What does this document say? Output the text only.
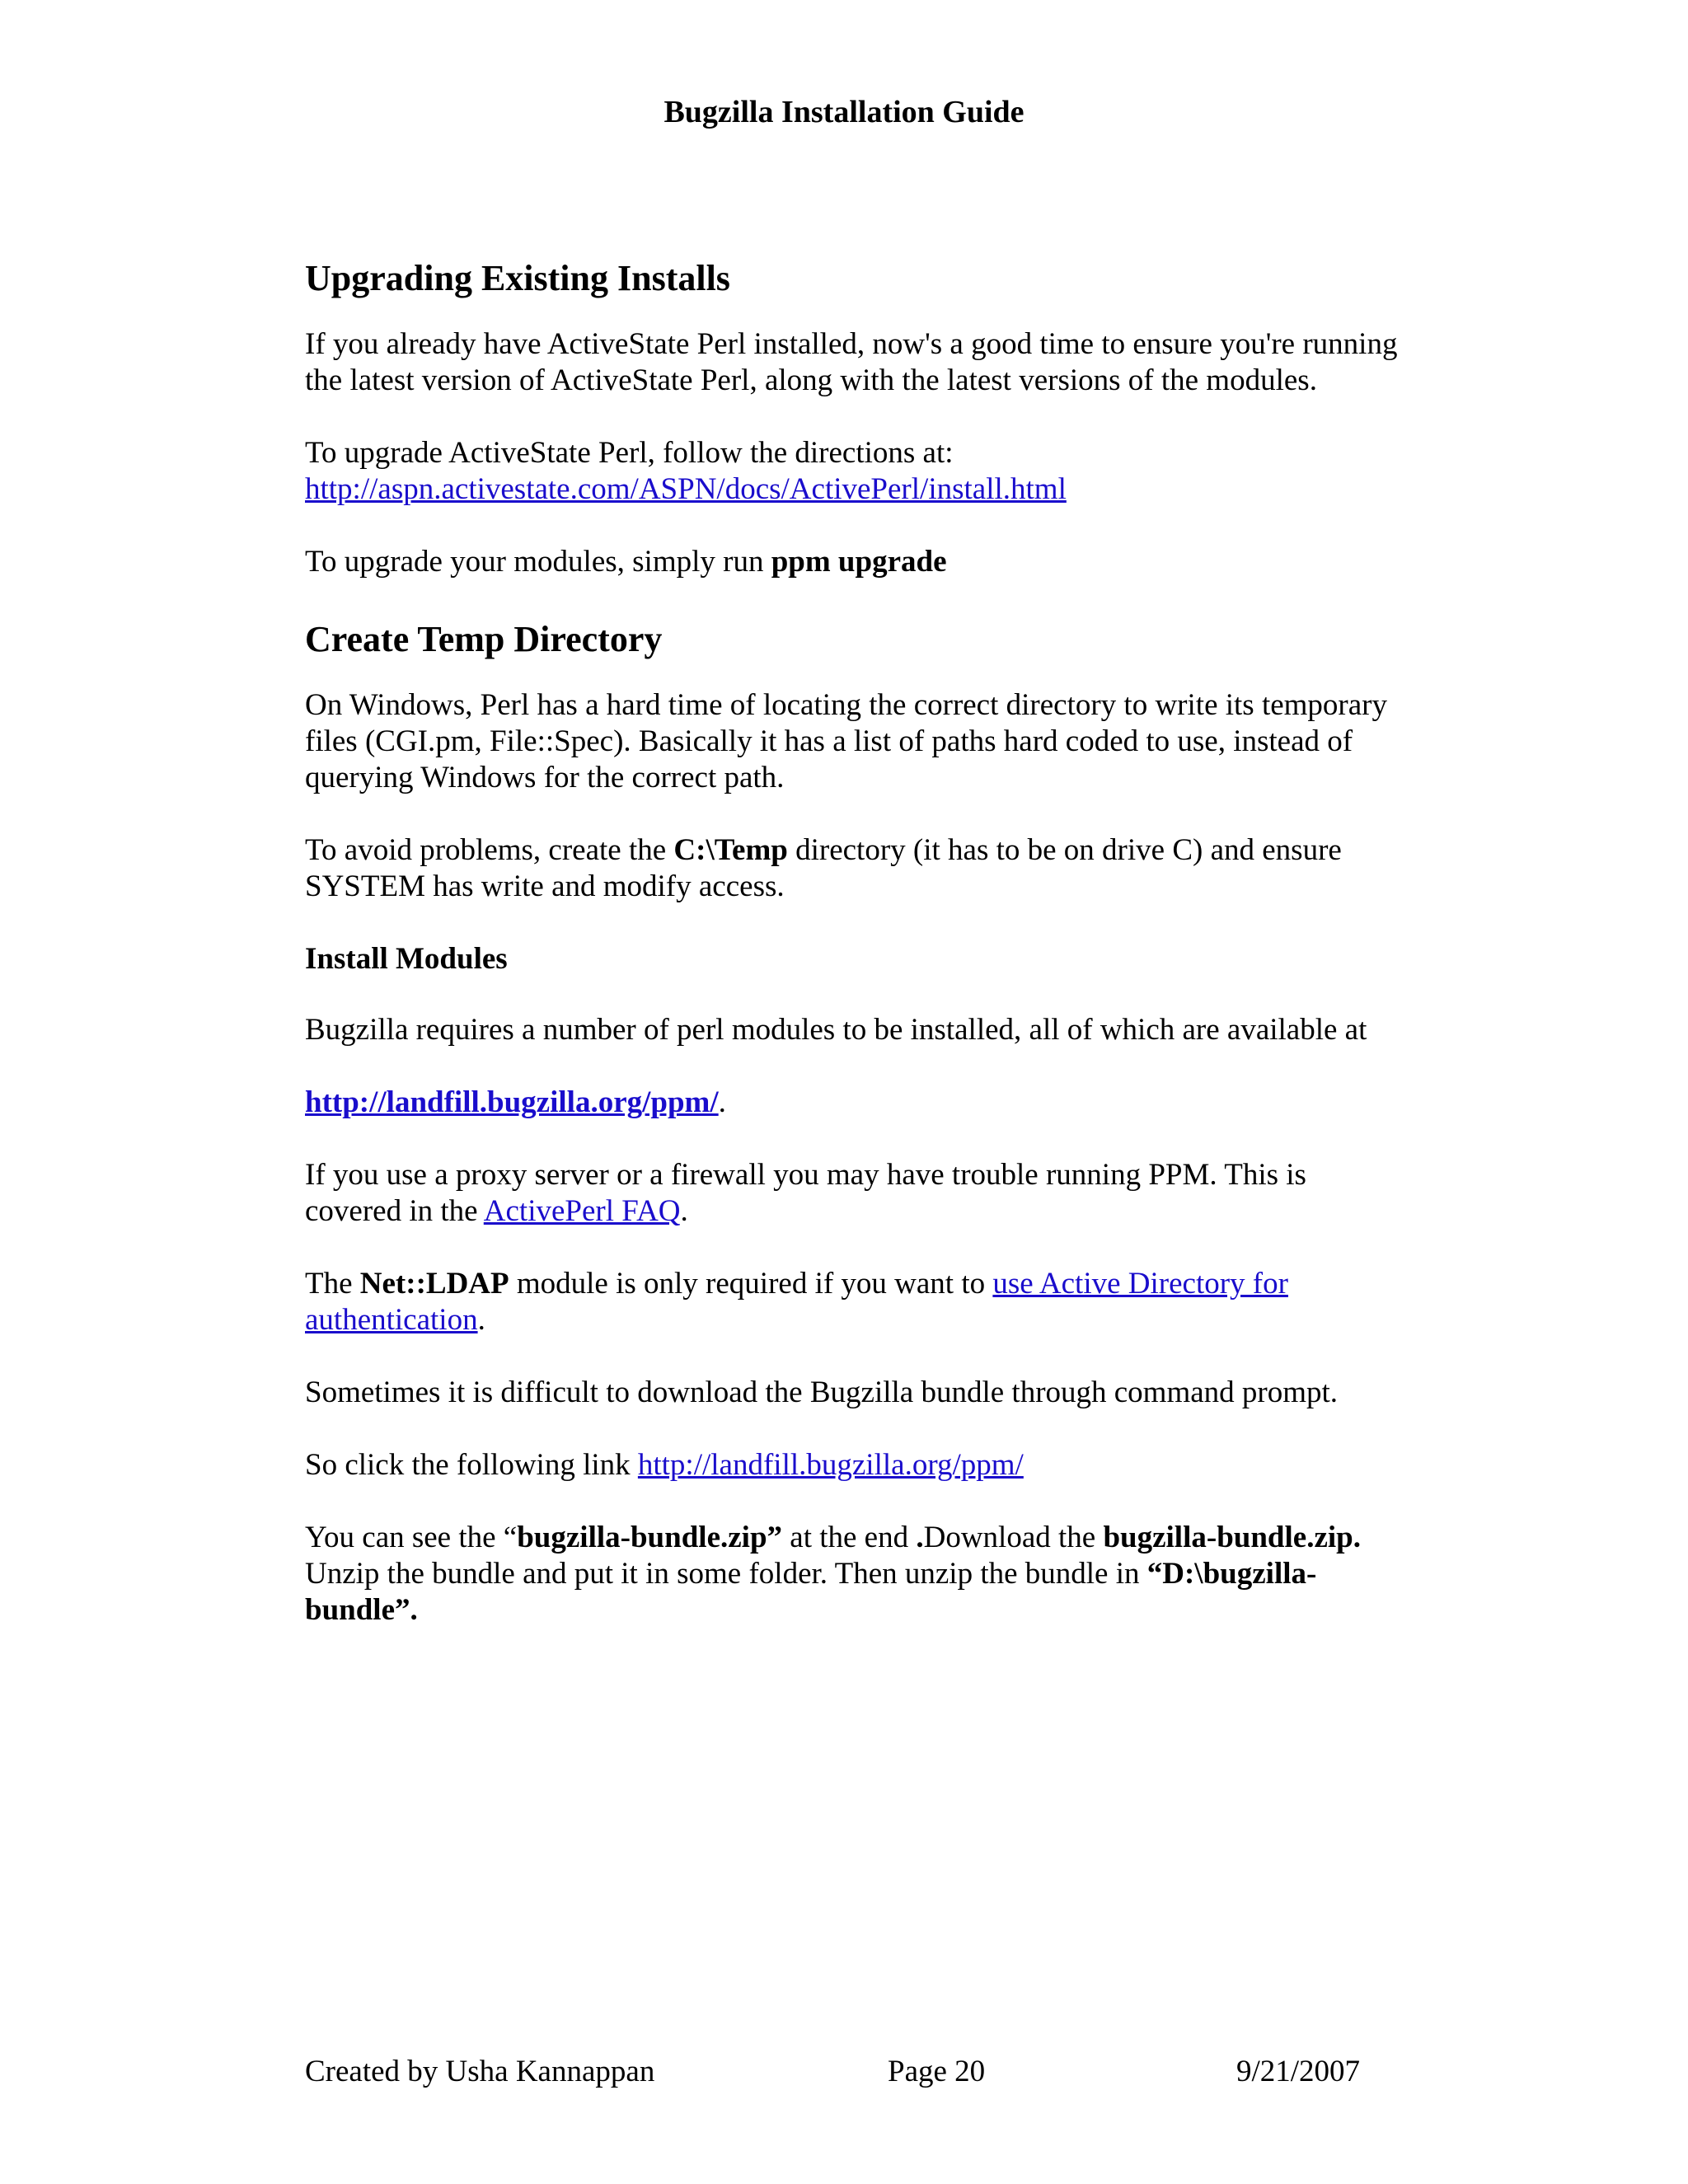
Bugzilla Installation Guide
Upgrading Existing Installs

If you already have ActiveState Perl installed, now's a good time to ensure you're running the latest version of ActiveState Perl, along with the latest versions of the modules.

To upgrade ActiveState Perl, follow the directions at:
http://aspn.activestate.com/ASPN/docs/ActivePerl/install.html

To upgrade your modules, simply run ppm upgrade

Create Temp Directory

On Windows, Perl has a hard time of locating the correct directory to write its temporary files (CGI.pm, File::Spec). Basically it has a list of paths hard coded to use, instead of querying Windows for the correct path.

To avoid problems, create the C:\Temp directory (it has to be on drive C) and ensure SYSTEM has write and modify access.

Install Modules

Bugzilla requires a number of perl modules to be installed, all of which are available at

http://landfill.bugzilla.org/ppm/.

If you use a proxy server or a firewall you may have trouble running PPM. This is covered in the ActivePerl FAQ.

The Net::LDAP module is only required if you want to use Active Directory for authentication.

Sometimes it is difficult to download the Bugzilla bundle through command prompt.

So click the following link http://landfill.bugzilla.org/ppm/

You can see the “bugzilla-bundle.zip” at the end .Download the bugzilla-bundle.zip. Unzip the bundle and put it in some folder. Then unzip the bundle in “D:\bugzilla-bundle”.

Created by Usha Kannappan	Page 20	9/21/2007
